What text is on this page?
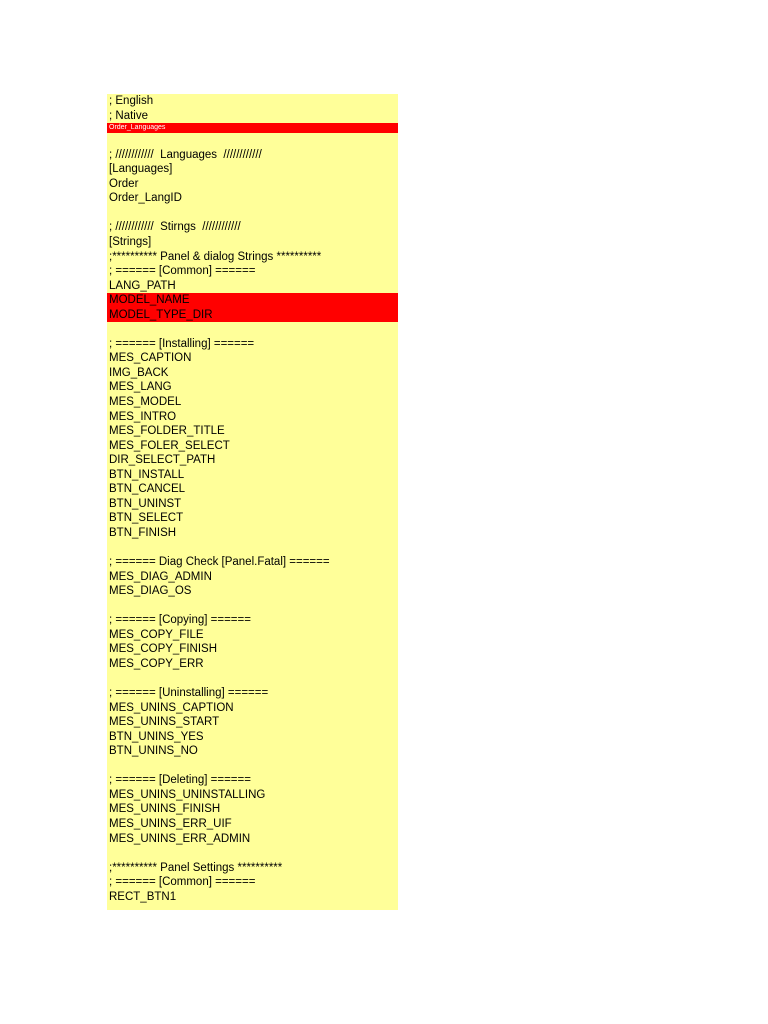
; English
; Native
Order_Languages
; ////////////  Languages  ////////////
[Languages]
Order
Order_LangID
; ////////////  Stirngs  ////////////
[Strings]
;********** Panel & dialog Strings **********
; ====== [Common] ======
LANG_PATH
MODEL_NAME
MODEL_TYPE_DIR
; ====== [Installing] ======
MES_CAPTION
IMG_BACK
MES_LANG
MES_MODEL
MES_INTRO
MES_FOLDER_TITLE
MES_FOLER_SELECT
DIR_SELECT_PATH
BTN_INSTALL
BTN_CANCEL
BTN_UNINST
BTN_SELECT
BTN_FINISH
; ====== Diag Check [Panel.Fatal] ======
MES_DIAG_ADMIN
MES_DIAG_OS
; ====== [Copying] ======
MES_COPY_FILE
MES_COPY_FINISH
MES_COPY_ERR
; ====== [Uninstalling] ======
MES_UNINS_CAPTION
MES_UNINS_START
BTN_UNINS_YES
BTN_UNINS_NO
; ====== [Deleting] ======
MES_UNINS_UNINSTALLING
MES_UNINS_FINISH
MES_UNINS_ERR_UIF
MES_UNINS_ERR_ADMIN
;********** Panel Settings **********
; ====== [Common] ======
RECT_BTN1
